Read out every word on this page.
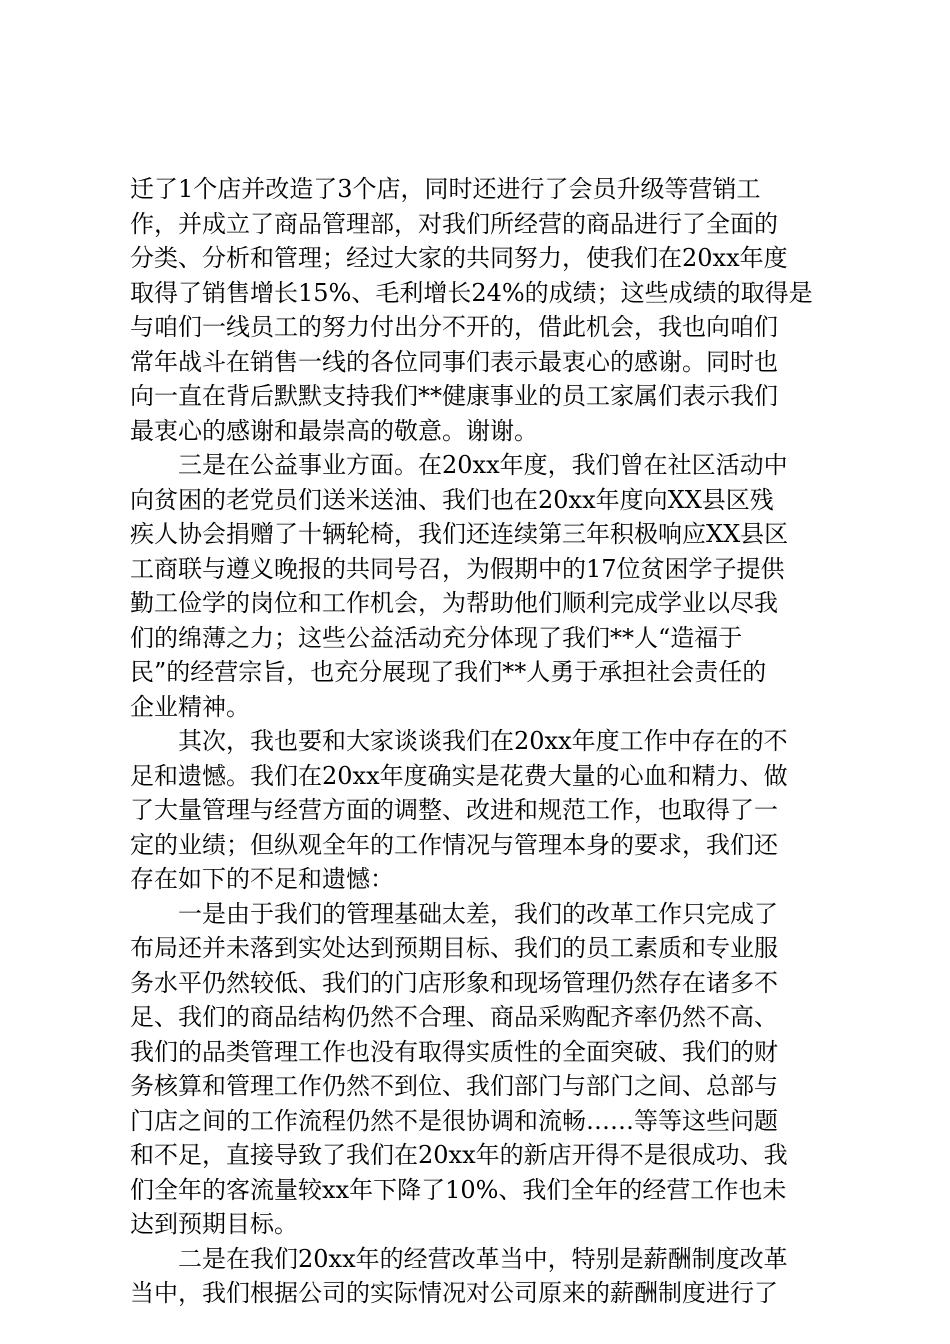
迁了1个店并改造了3个店，同时还进行了会员升级等营销工
作，并成立了商品管理部，对我们所经营的商品进行了全面的
分类、分析和管理；经过大家的共同努力，使我们在20xx年度
取得了销售增长15%、毛利增长24%的成绩；这些成绩的取得是
与咱们一线员工的努力付出分不开的，借此机会，我也向咱们
常年战斗在销售一线的各位同事们表示最衷心的感谢。同时也
向一直在背后默默支持我们**健康事业的员工家属们表示我们
最衷心的感谢和最崇高的敬意。谢谢。
　　三是在公益事业方面。在20xx年度，我们曾在社区活动中
向贫困的老党员们送米送油、我们也在20xx年度向XX县区残
疾人协会捐赠了十辆轮椅，我们还连续第三年积极响应XX县区
工商联与遵义晚报的共同号召，为假期中的17位贫困学子提供
勤工俭学的岗位和工作机会，为帮助他们顺利完成学业以尽我
们的绵薄之力；这些公益活动充分体现了我们**人“造福于
民”的经营宗旨，也充分展现了我们**人勇于承担社会责任的
企业精神。
　　其次，我也要和大家谈谈我们在20xx年度工作中存在的不
足和遗憾。我们在20xx年度确实是花费大量的心血和精力、做
了大量管理与经营方面的调整、改进和规范工作，也取得了一
定的业绩；但纵观全年的工作情况与管理本身的要求，我们还
存在如下的不足和遗憾：
　　一是由于我们的管理基础太差，我们的改革工作只完成了
布局还并未落到实处达到预期目标、我们的员工素质和专业服
务水平仍然较低、我们的门店形象和现场管理仍然存在诸多不
足、我们的商品结构仍然不合理、商品采购配齐率仍然不高、
我们的品类管理工作也没有取得实质性的全面突破、我们的财
务核算和管理工作仍然不到位、我们部门与部门之间、总部与
门店之间的工作流程仍然不是很协调和流畅……等等这些问题
和不足，直接导致了我们在20xx年的新店开得不是很成功、我
们全年的客流量较xx年下降了10%、我们全年的经营工作也未
达到预期目标。
　　二是在我们20xx年的经营改革当中，特别是薪酬制度改革
当中，我们根据公司的实际情况对公司原来的薪酬制度进行了
